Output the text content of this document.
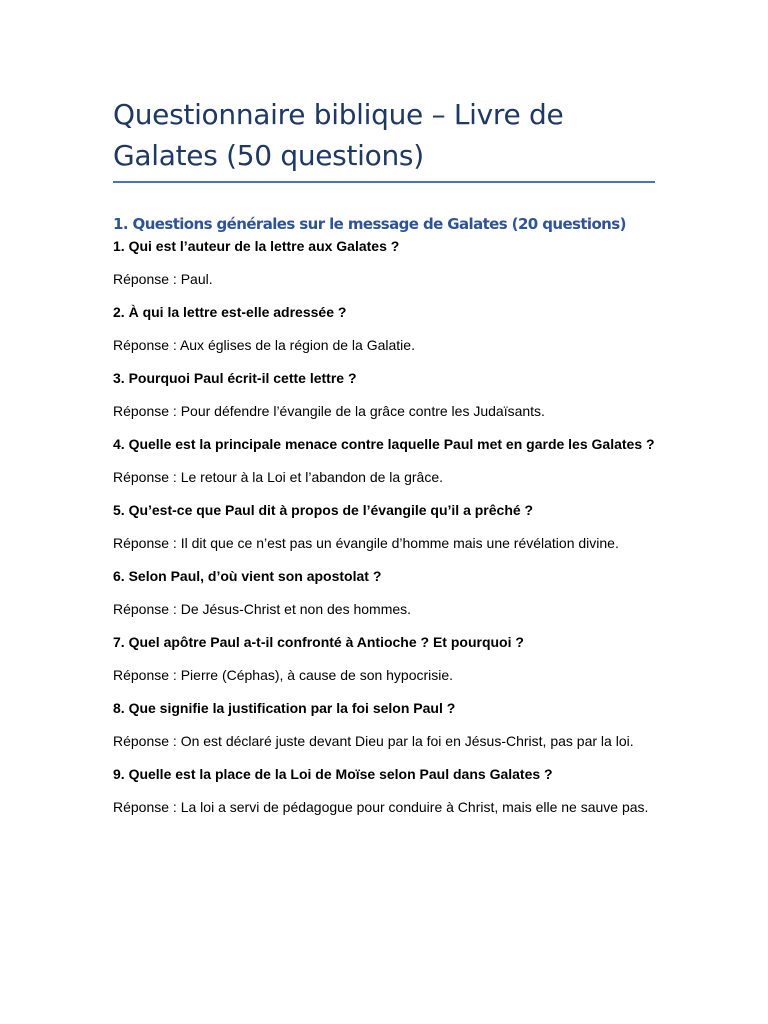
Questionnaire biblique – Livre de Galates (50 questions)
1. Questions générales sur le message de Galates (20 questions)

1. Qui est l’auteur de la lettre aux Galates ?

Réponse : Paul.

2. À qui la lettre est-elle adressée ?

Réponse : Aux églises de la région de la Galatie.

3. Pourquoi Paul écrit-il cette lettre ?

Réponse : Pour défendre l’évangile de la grâce contre les Judaïsants.

4. Quelle est la principale menace contre laquelle Paul met en garde les Galates ?

Réponse : Le retour à la Loi et l’abandon de la grâce.

5. Qu’est-ce que Paul dit à propos de l’évangile qu’il a prêché ?

Réponse : Il dit que ce n’est pas un évangile d’homme mais une révélation divine.

6. Selon Paul, d’où vient son apostolat ?

Réponse : De Jésus-Christ et non des hommes.

7. Quel apôtre Paul a-t-il confronté à Antioche ? Et pourquoi ?

Réponse : Pierre (Céphas), à cause de son hypocrisie.

8. Que signifie la justification par la foi selon Paul ?

Réponse : On est déclaré juste devant Dieu par la foi en Jésus-Christ, pas par la loi.

9. Quelle est la place de la Loi de Moïse selon Paul dans Galates ?

Réponse : La loi a servi de pédagogue pour conduire à Christ, mais elle ne sauve pas.
